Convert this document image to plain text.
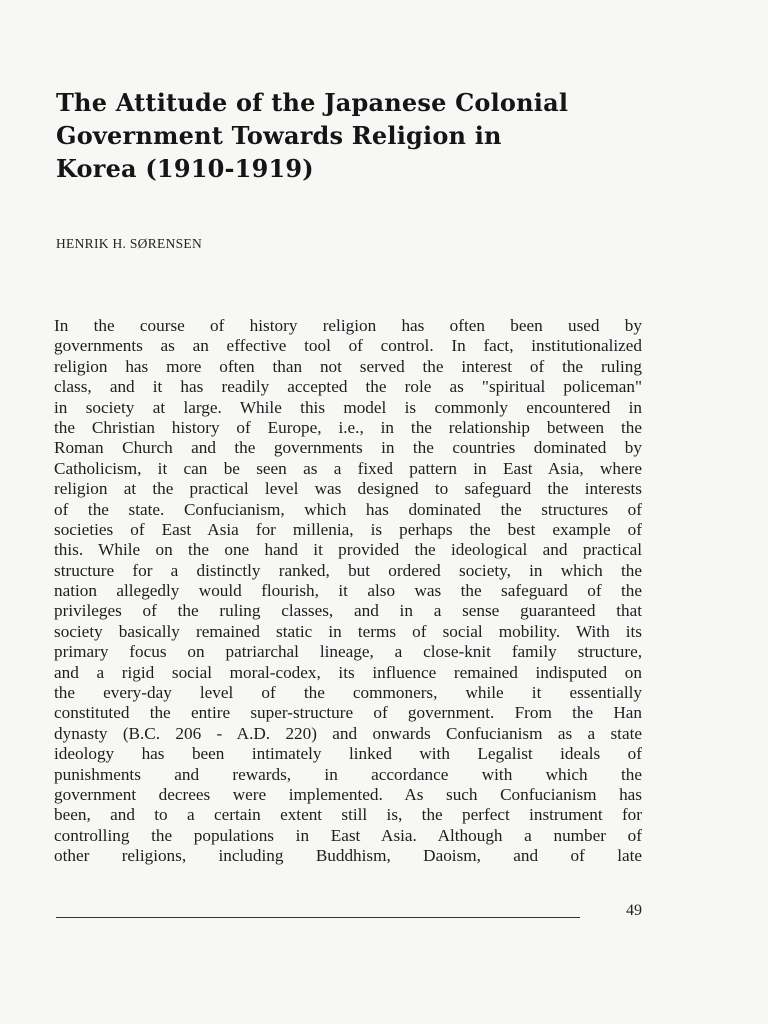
The Attitude of the Japanese Colonial
Government Towards Religion in
Korea (1910-1919)

HENRIK H. SØRENSEN

In the course of history religion has often been used by
governments as an effective tool of control. In fact, institutionalized
religion has more often than not served the interest of the ruling
class, and it has readily accepted the role as "spiritual policeman"
in society at large. While this model is commonly encountered in
the Christian history of Europe, i.e., in the relationship between the
Roman Church and the governments in the countries dominated by
Catholicism, it can be seen as a fixed pattern in East Asia, where
religion at the practical level was designed to safeguard the interests
of the state. Confucianism, which has dominated the structures of
societies of East Asia for millenia, is perhaps the best example of
this. While on the one hand it provided the ideological and practical
structure for a distinctly ranked, but ordered society, in which the
nation allegedly would flourish, it also was the safeguard of the
privileges of the ruling classes, and in a sense guaranteed that
society basically remained static in terms of social mobility. With its
primary focus on patriarchal lineage, a close-knit family structure,
and a rigid social moral-codex, its influence remained indisputed on
the every-day level of the commoners, while it essentially
constituted the entire super-structure of government. From the Han
dynasty (B.C. 206 - A.D. 220) and onwards Confucianism as a state
ideology has been intimately linked with Legalist ideals of
punishments and rewards, in accordance with which the
government decrees were implemented. As such Confucianism has
been, and to a certain extent still is, the perfect instrument for
controlling the populations in East Asia. Although a number of
other religions, including Buddhism, Daoism, and of late
49
